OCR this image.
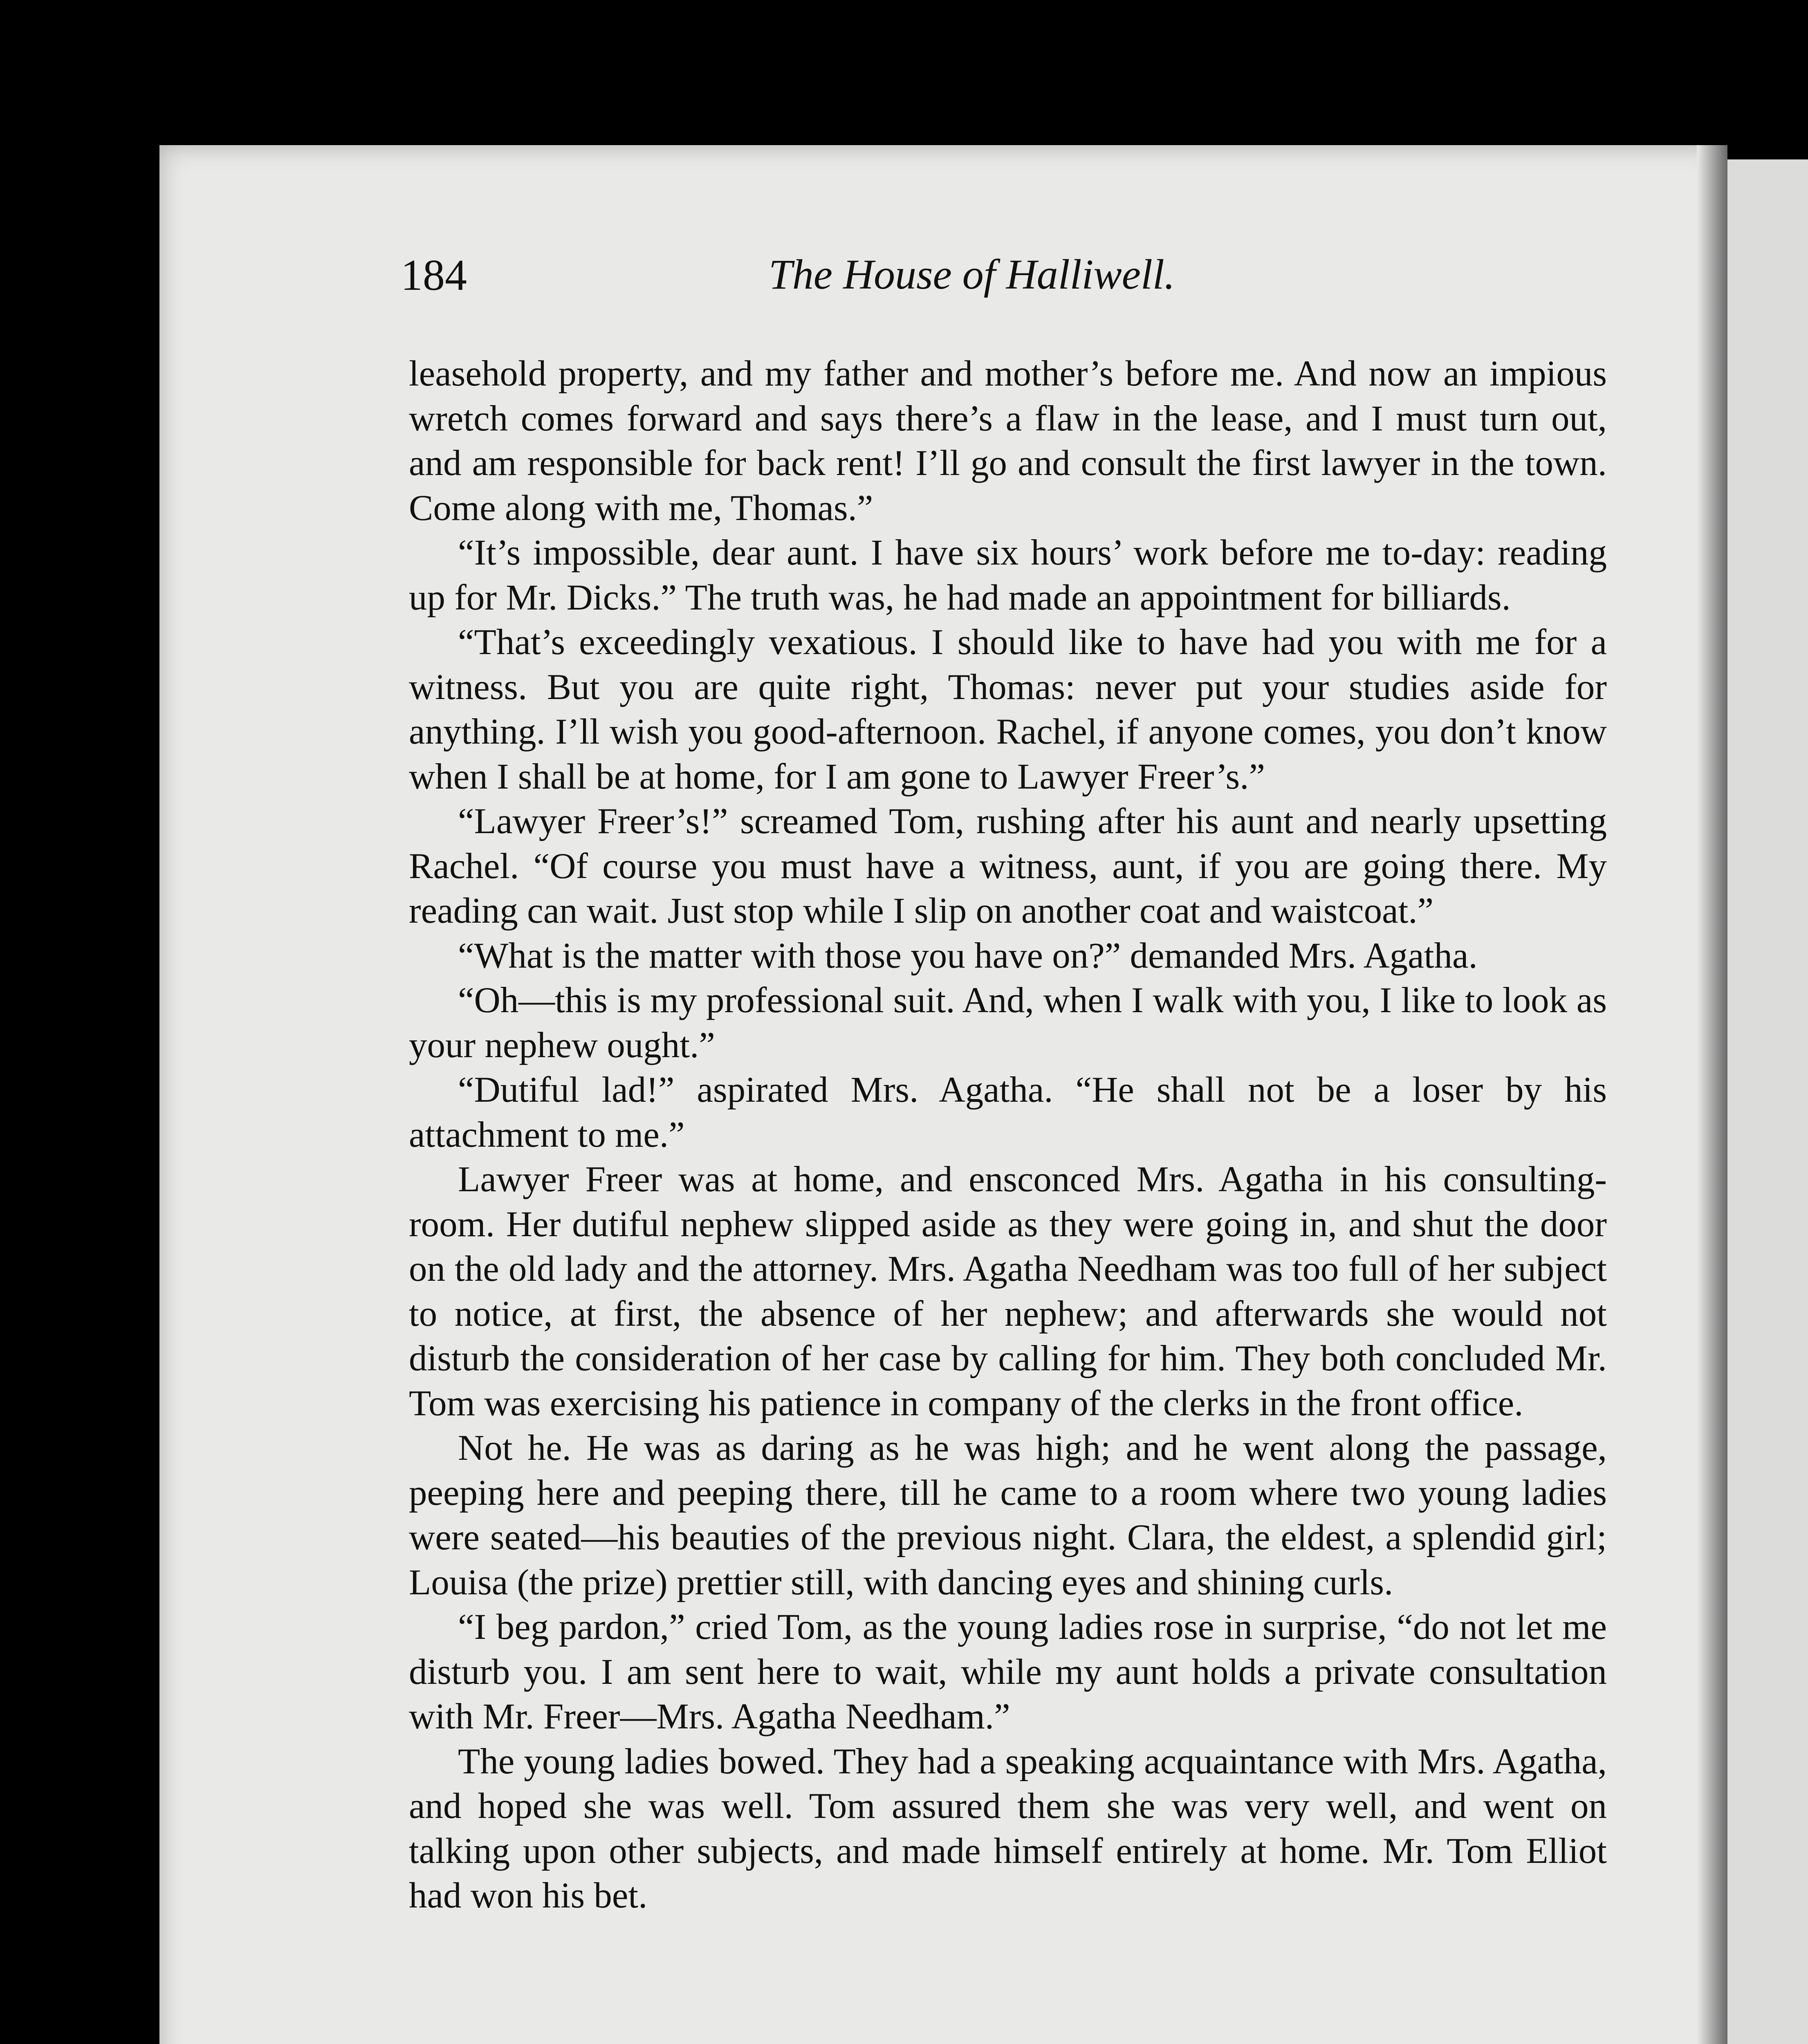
184	The House of Halliwell.

leasehold property, and my father and mother’s before me. And now an impious wretch comes forward and says there’s a flaw in the lease, and I must turn out, and am responsible for back rent! I’ll go and consult the first lawyer in the town. Come along with me, Thomas.”

“It’s impossible, dear aunt. I have six hours’ work before me to-day: reading up for Mr. Dicks.” The truth was, he had made an appointment for billiards.

“That’s exceedingly vexatious. I should like to have had you with me for a witness. But you are quite right, Thomas: never put your studies aside for anything. I’ll wish you good-afternoon. Rachel, if anyone comes, you don’t know when I shall be at home, for I am gone to Lawyer Freer’s.”

“Lawyer Freer’s!” screamed Tom, rushing after his aunt and nearly upsetting Rachel. “Of course you must have a witness, aunt, if you are going there. My reading can wait. Just stop while I slip on another coat and waistcoat.”

“What is the matter with those you have on?” demanded Mrs. Agatha.

“Oh—this is my professional suit. And, when I walk with you, I like to look as your nephew ought.”

“Dutiful lad!” aspirated Mrs. Agatha. “He shall not be a loser by his attachment to me.”

Lawyer Freer was at home, and ensconced Mrs. Agatha in his consulting-room. Her dutiful nephew slipped aside as they were going in, and shut the door on the old lady and the attorney. Mrs. Agatha Needham was too full of her subject to notice, at first, the absence of her nephew; and afterwards she would not disturb the consideration of her case by calling for him. They both concluded Mr. Tom was exercising his patience in company of the clerks in the front office.

Not he. He was as daring as he was high; and he went along the passage, peeping here and peeping there, till he came to a room where two young ladies were seated—his beauties of the previous night. Clara, the eldest, a splendid girl; Louisa (the prize) prettier still, with dancing eyes and shining curls.

“I beg pardon,” cried Tom, as the young ladies rose in surprise, “do not let me disturb you. I am sent here to wait, while my aunt holds a private consultation with Mr. Freer—Mrs. Agatha Needham.”

The young ladies bowed. They had a speaking acquaintance with Mrs. Agatha, and hoped she was well. Tom assured them she was very well, and went on talking upon other subjects, and made himself entirely at home. Mr. Tom Elliot had won his bet.
